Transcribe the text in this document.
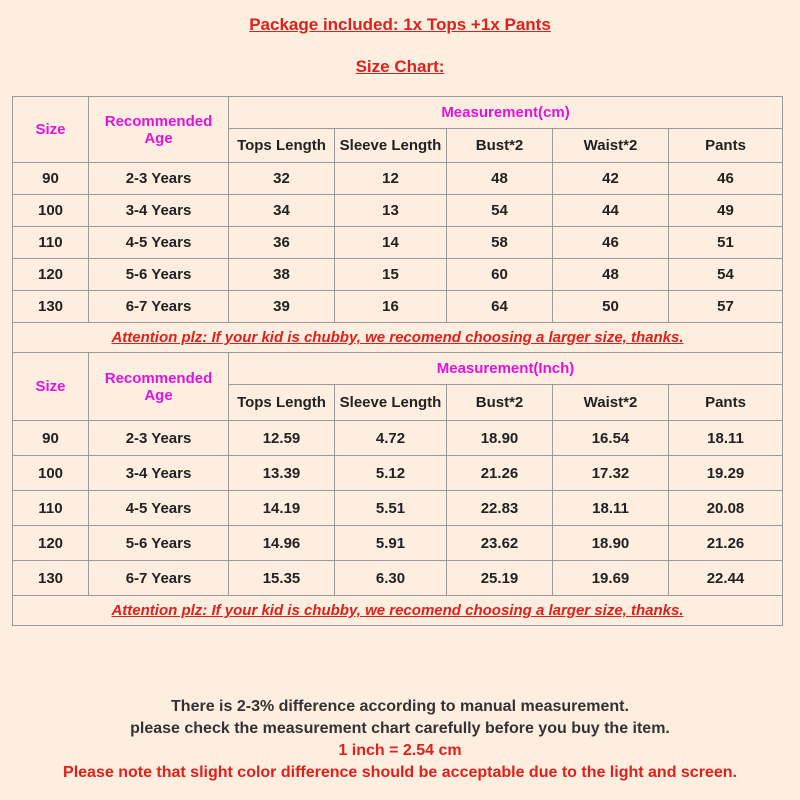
Package included: 1x Tops +1x Pants
Size Chart:
Size	Recommended Age	Measurement(cm)				
		Tops Length	Sleeve Length	Bust*2	Waist*2	Pants
90	2-3 Years	32	12	48	42	46
100	3-4 Years	34	13	54	44	49
110	4-5 Years	36	14	58	46	51
120	5-6 Years	38	15	60	48	54
130	6-7 Years	39	16	64	50	57
Attention plz: If your kid is chubby, we recomend choosing a larger size, thanks.						
Size	Recommended Age	Measurement(Inch)				
		Tops Length	Sleeve Length	Bust*2	Waist*2	Pants
90	2-3 Years	12.59	4.72	18.90	16.54	18.11
100	3-4 Years	13.39	5.12	21.26	17.32	19.29
110	4-5 Years	14.19	5.51	22.83	18.11	20.08
120	5-6 Years	14.96	5.91	23.62	18.90	21.26
130	6-7 Years	15.35	6.30	25.19	19.69	22.44
Attention plz: If your kid is chubby, we recomend choosing a larger size, thanks.						
There is 2-3% difference according to manual measurement.
please check the measurement chart carefully before you buy the item.
1 inch = 2.54 cm
Please note that slight color difference should be acceptable due to the light and screen.
